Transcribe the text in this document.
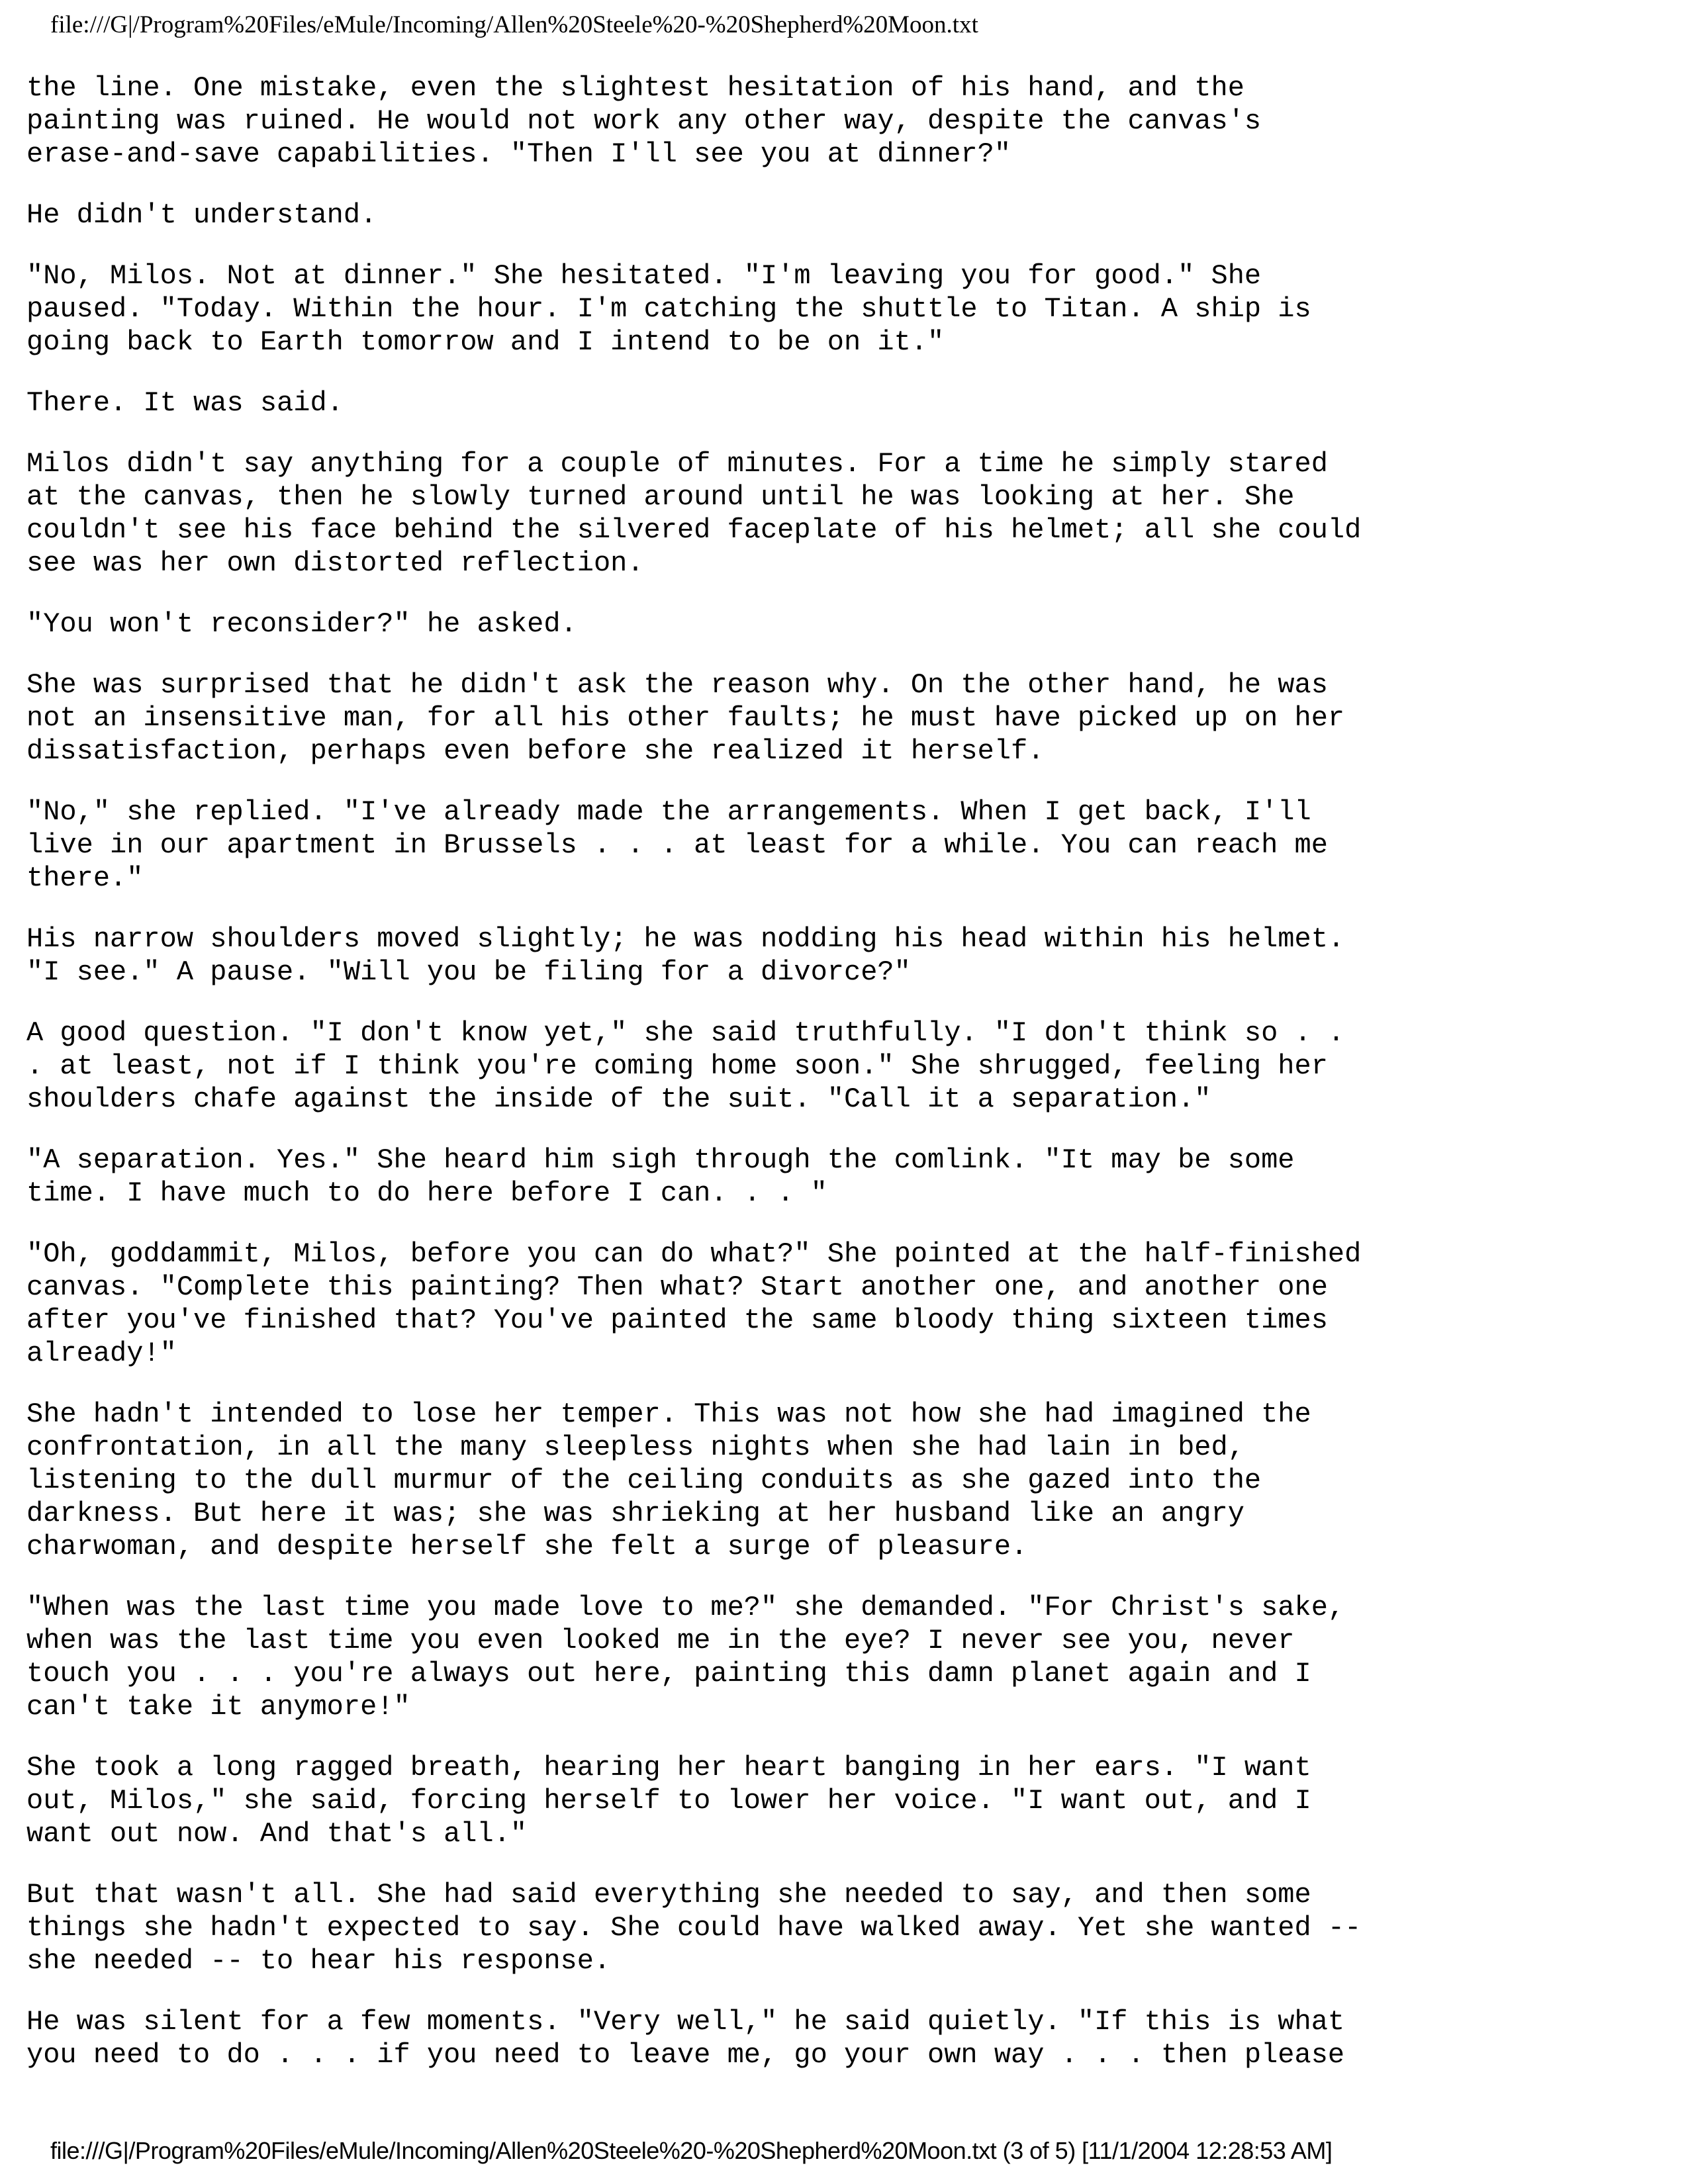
file:///G|/Program%20Files/eMule/Incoming/Allen%20Steele%20-%20Shepherd%20Moon.txt
the line. One mistake, even the slightest hesitation of his hand, and the
painting was ruined. He would not work any other way, despite the canvas's
erase-and-save capabilities. "Then I'll see you at dinner?"
He didn't understand.
"No, Milos. Not at dinner." She hesitated. "I'm leaving you for good." She
paused. "Today. Within the hour. I'm catching the shuttle to Titan. A ship is
going back to Earth tomorrow and I intend to be on it."
There. It was said.
Milos didn't say anything for a couple of minutes. For a time he simply stared
at the canvas, then he slowly turned around until he was looking at her. She
couldn't see his face behind the silvered faceplate of his helmet; all she could
see was her own distorted reflection.
"You won't reconsider?" he asked.
She was surprised that he didn't ask the reason why. On the other hand, he was
not an insensitive man, for all his other faults; he must have picked up on her
dissatisfaction, perhaps even before she realized it herself.
"No," she replied. "I've already made the arrangements. When I get back, I'll
live in our apartment in Brussels . . . at least for a while. You can reach me
there."
His narrow shoulders moved slightly; he was nodding his head within his helmet.
"I see." A pause. "Will you be filing for a divorce?"
A good question. "I don't know yet," she said truthfully. "I don't think so . .
. at least, not if I think you're coming home soon." She shrugged, feeling her
shoulders chafe against the inside of the suit. "Call it a separation."
"A separation. Yes." She heard him sigh through the comlink. "It may be some
time. I have much to do here before I can. . . "
"Oh, goddammit, Milos, before you can do what?" She pointed at the half-finished
canvas. "Complete this painting? Then what? Start another one, and another one
after you've finished that? You've painted the same bloody thing sixteen times
already!"
She hadn't intended to lose her temper. This was not how she had imagined the
confrontation, in all the many sleepless nights when she had lain in bed,
listening to the dull murmur of the ceiling conduits as she gazed into the
darkness. But here it was; she was shrieking at her husband like an angry
charwoman, and despite herself she felt a surge of pleasure.
"When was the last time you made love to me?" she demanded. "For Christ's sake,
when was the last time you even looked me in the eye? I never see you, never
touch you . . . you're always out here, painting this damn planet again and I
can't take it anymore!"
She took a long ragged breath, hearing her heart banging in her ears. "I want
out, Milos," she said, forcing herself to lower her voice. "I want out, and I
want out now. And that's all."
But that wasn't all. She had said everything she needed to say, and then some
things she hadn't expected to say. She could have walked away. Yet she wanted --
she needed -- to hear his response.
He was silent for a few moments. "Very well," he said quietly. "If this is what
you need to do . . . if you need to leave me, go your own way . . . then please
file:///G|/Program%20Files/eMule/Incoming/Allen%20Steele%20-%20Shepherd%20Moon.txt (3 of 5) [11/1/2004 12:28:53 AM]
